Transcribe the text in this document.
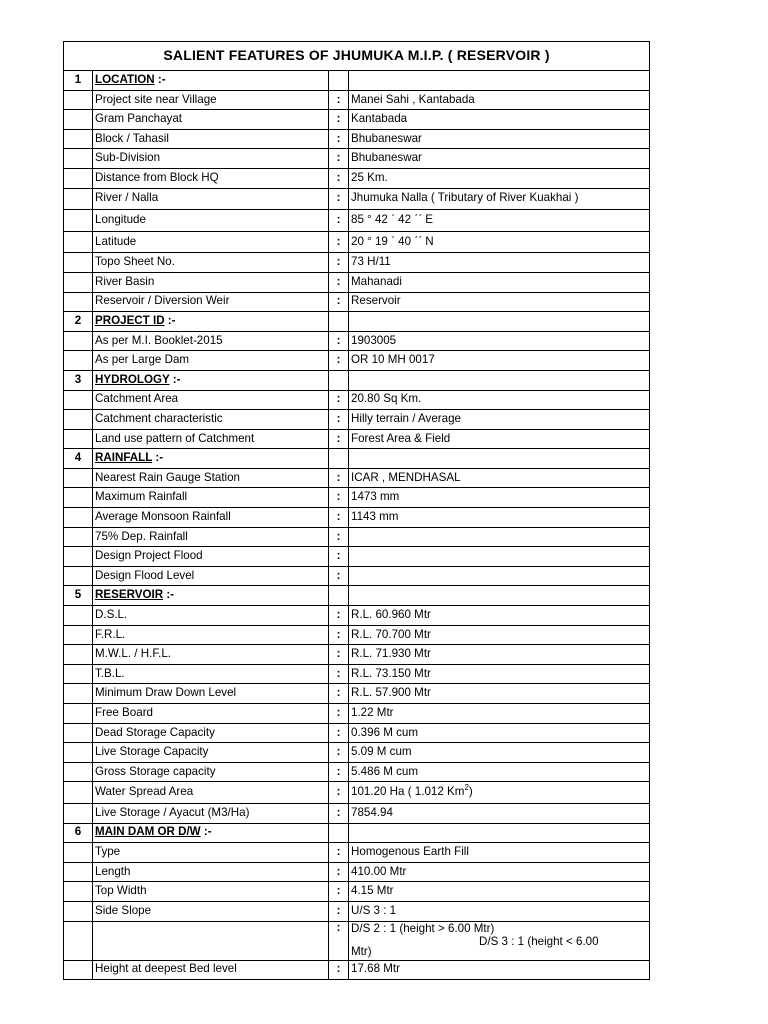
SALIENT FEATURES OF JHUMUKA M.I.P. ( RESERVOIR )			
1	LOCATION :-		
	Project site near Village	:	Manei Sahi , Kantabada
	Gram Panchayat	:	Kantabada
	Block / Tahasil	:	Bhubaneswar
	Sub-Division	:	Bhubaneswar
	Distance from Block HQ	:	25 Km.
	River / Nalla	:	Jhumuka Nalla ( Tributary of River Kuakhai )
	Longitude	:	85 ° 42 ˊ 42 ˊˊ E
	Latitude	:	20 ° 19 ˊ 40 ˊˊ N
	Topo Sheet No.	:	73 H/11
	River Basin	:	Mahanadi
	Reservoir / Diversion Weir	:	Reservoir
2	PROJECT ID :-		
	As per M.I. Booklet-2015	:	1903005
	As per Large Dam	:	OR 10 MH 0017
3	HYDROLOGY :-		
	Catchment Area	:	20.80 Sq Km.
	Catchment characteristic	:	Hilly terrain / Average
	Land use pattern of Catchment	:	Forest Area & Field
4	RAINFALL :-		
	Nearest Rain Gauge Station	:	ICAR , MENDHASAL
	Maximum Rainfall	:	1473 mm
	Average Monsoon Rainfall	:	1143 mm
	75% Dep. Rainfall	:	
	Design Project Flood	:	
	Design Flood Level	:	
5	RESERVOIR :-		
	D.S.L.	:	R.L. 60.960 Mtr
	F.R.L.	:	R.L. 70.700 Mtr
	M.W.L. / H.F.L.	:	R.L. 71.930 Mtr
	T.B.L.	:	R.L. 73.150 Mtr
	Minimum Draw Down Level	:	R.L. 57.900 Mtr
	Free Board	:	1.22 Mtr
	Dead Storage Capacity	:	0.396 M cum
	Live Storage Capacity	:	5.09 M cum
	Gross Storage capacity	:	5.486 M cum
	Water Spread Area	:	101.20 Ha ( 1.012 Km$^2$)
	Live Storage / Ayacut (M3/Ha)	:	7854.94
6	MAIN DAM OR D/W :-		
	Type	:	Homogenous Earth Fill
	Length	:	410.00 Mtr
	Top Width	:	4.15 Mtr
	Side Slope	:	U/S 3 : 1
		:	D/S 2 : 1 (height > 6.00 Mtr)
D/S 3 : 1 (height < 6.00
Mtr)

	Height at deepest Bed level	:	17.68 Mtr
